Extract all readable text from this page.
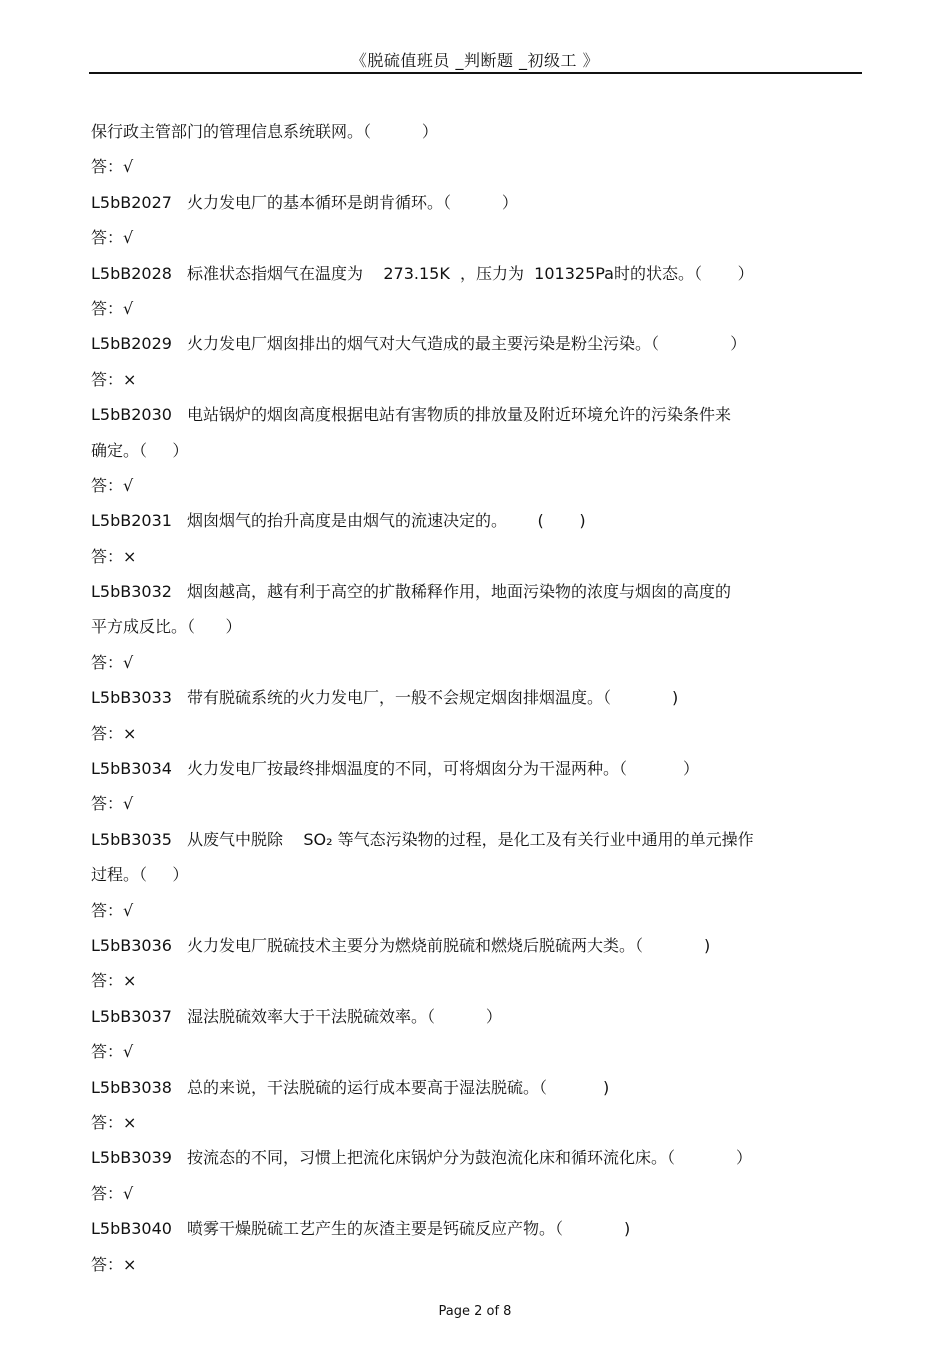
《脱硫值班员 _判断题 _初级工 》
保行政主管部门的管理信息系统联网。（          ）
答：√
L5bB2027 火力发电厂的基本循环是朗肯循环。（          ）
答：√
L5bB2028 标准状态指烟气在温度为    273.15K  ，压力为  101325Pa时的状态。（       ）
答：√
L5bB2029 火力发电厂烟囱排出的烟气对大气造成的最主要污染是粉尘污染。（              ）
答：×
L5bB2030 电站锅炉的烟囱高度根据电站有害物质的排放量及附近环境允许的污染条件来
确定。（     ）
答：√
L5bB2031 烟囱烟气的抬升高度是由烟气的流速决定的。      (       )
答：×
L5bB3032 烟囱越高，越有利于高空的扩散稀释作用，地面污染物的浓度与烟囱的高度的
平方成反比。（      ）
答：√
L5bB3033 带有脱硫系统的火力发电厂，一般不会规定烟囱排烟温度。（            )
答：×
L5bB3034 火力发电厂按最终排烟温度的不同，可将烟囱分为干湿两种。（           ）
答：√
L5bB3035 从废气中脱除    SO₂ 等气态污染物的过程，是化工及有关行业中通用的单元操作
过程。（     ）
答：√
L5bB3036 火力发电厂脱硫技术主要分为燃烧前脱硫和燃烧后脱硫两大类。（            )
答：×
L5bB3037 湿法脱硫效率大于干法脱硫效率。（          ）
答：√
L5bB3038 总的来说，干法脱硫的运行成本要高于湿法脱硫。（           )
答：×
L5bB3039 按流态的不同，习惯上把流化床锅炉分为鼓泡流化床和循环流化床。（            ）
答：√
L5bB3040 喷雾干燥脱硫工艺产生的灰渣主要是钙硫反应产物。（            )
答：×
Page 2 of 8
